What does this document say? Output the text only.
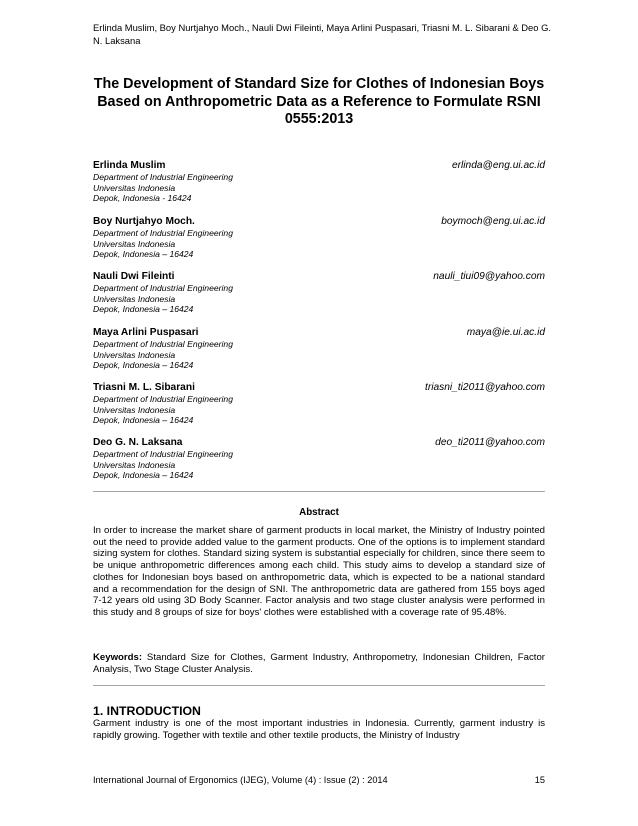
Erlinda Muslim, Boy Nurtjahyo Moch., Nauli Dwi Fileinti, Maya Arlini Puspasari, Triasni M. L. Sibarani & Deo G. N. Laksana
The Development of Standard Size for Clothes of Indonesian Boys Based on Anthropometric Data as a Reference to Formulate RSNI 0555:2013
Erlinda Muslim	erlinda@eng.ui.ac.id
Department of Industrial Engineering
Universitas Indonesia
Depok, Indonesia - 16424
Boy Nurtjahyo Moch.	boymoch@eng.ui.ac.id
Department of Industrial Engineering
Universitas Indonesia
Depok, Indonesia – 16424
Nauli Dwi Fileinti	nauli_tiui09@yahoo.com
Department of Industrial Engineering
Universitas Indonesia
Depok, Indonesia – 16424
Maya Arlini Puspasari	maya@ie.ui.ac.id
Department of Industrial Engineering
Universitas Indonesia
Depok, Indonesia – 16424
Triasni M. L. Sibarani	triasni_ti2011@yahoo.com
Department of Industrial Engineering
Universitas Indonesia
Depok, Indonesia – 16424
Deo G. N. Laksana	deo_ti2011@yahoo.com
Department of Industrial Engineering
Universitas Indonesia
Depok, Indonesia – 16424
Abstract

In order to increase the market share of garment products in local market, the Ministry of Industry pointed out the need to provide added value to the garment products. One of the options is to implement standard sizing system for clothes. Standard sizing system is substantial especially for children, since there seem to be unique anthropometric differences among each child. This study aims to develop a standard size of clothes for Indonesian boys based on anthropometric data, which is expected to be a national standard and a recommendation for the design of SNI. The anthropometric data are gathered from 155 boys aged 7-12 years old using 3D Body Scanner. Factor analysis and two stage cluster analysis were performed in this study and 8 groups of size for boys' clothes were established with a coverage rate of 95.48%.

Keywords: Standard Size for Clothes, Garment Industry, Anthropometry, Indonesian Children, Factor Analysis, Two Stage Cluster Analysis.

1. INTRODUCTION

Garment industry is one of the most important industries in Indonesia. Currently, garment industry is rapidly growing. Together with textile and other textile products, the Ministry of Industry

International Journal of Ergonomics (IJEG), Volume (4) : Issue (2) : 2014	15
